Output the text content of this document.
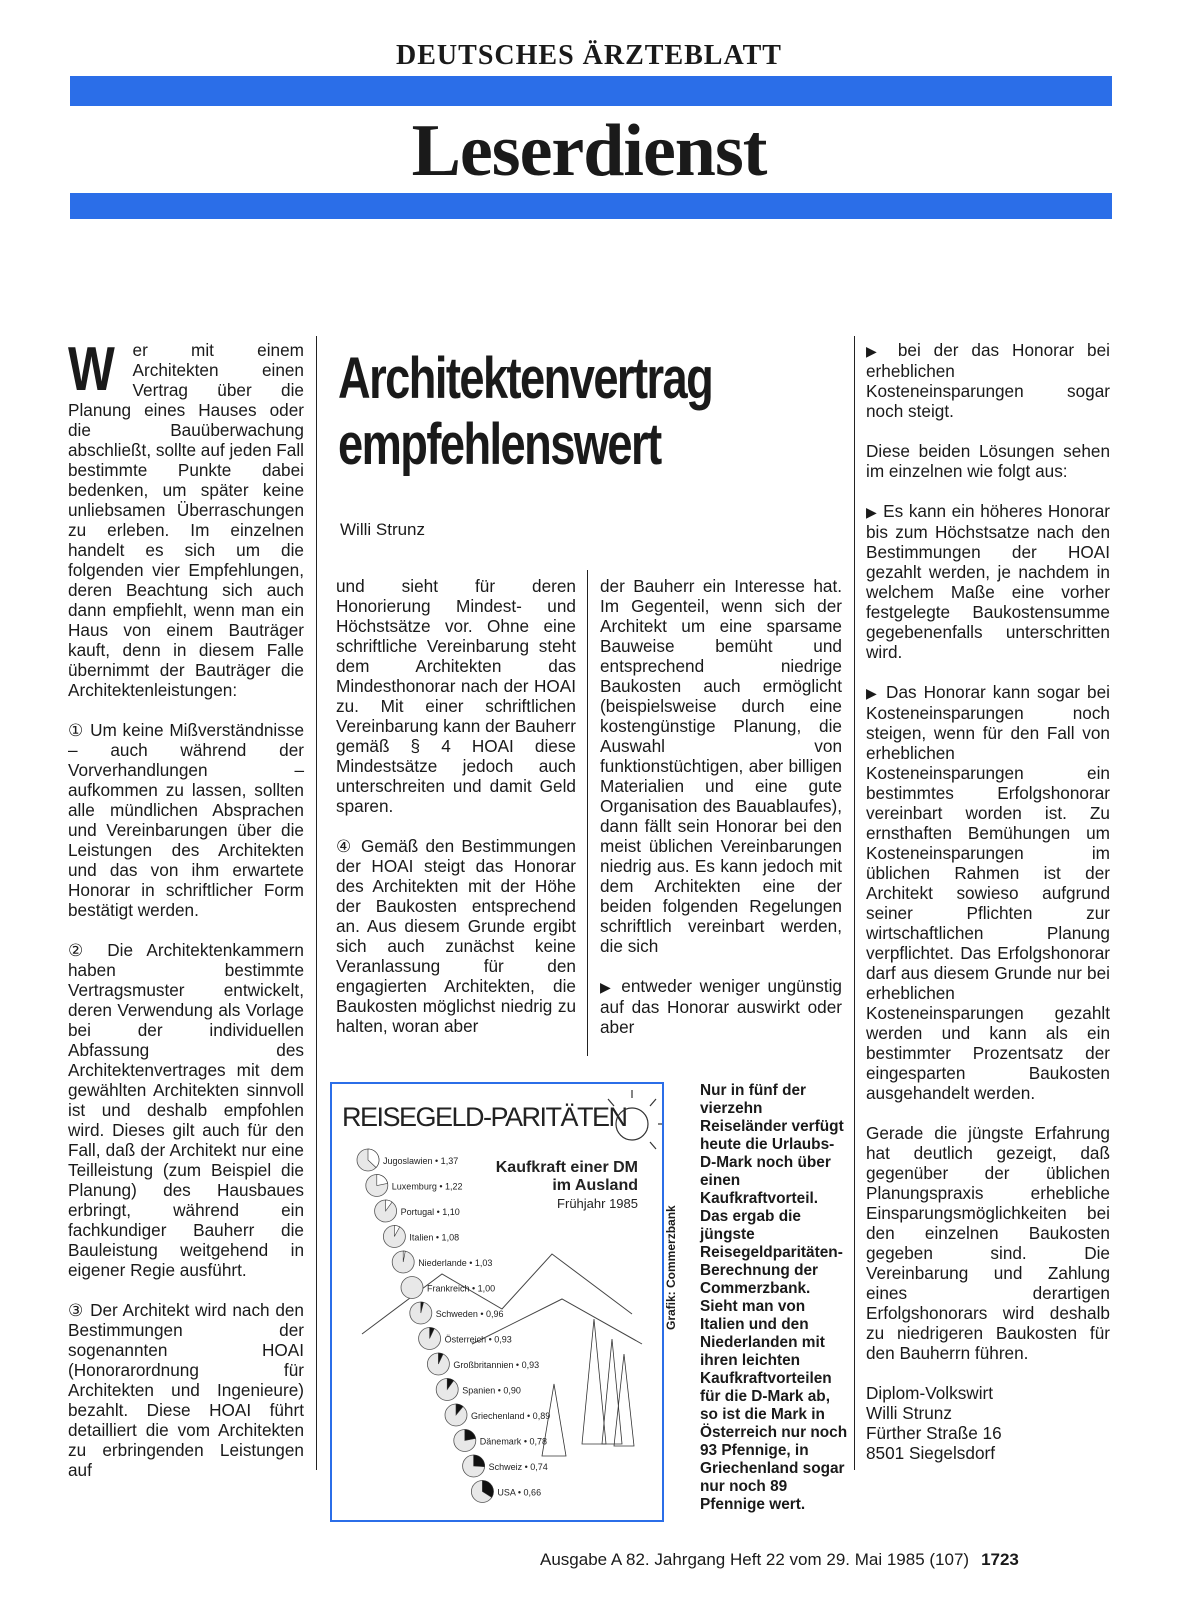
DEUTSCHES ÄRZTEBLATT
Leserdienst

W er mit einem Architekten einen Vertrag über die Planung eines Hauses oder die Bauüberwachung abschließt, sollte auf jeden Fall bestimmte Punkte dabei bedenken, um später keine unliebsamen Überraschungen zu erleben. Im einzelnen handelt es sich um die folgenden vier Empfehlungen, deren Beachtung sich auch dann empfiehlt, wenn man ein Haus von einem Bauträger kauft, denn in diesem Falle übernimmt der Bauträger die Architektenleistungen:

① Um keine Mißverständnisse – auch während der Vorverhandlungen – aufkommen zu lassen, sollten alle mündlichen Absprachen und Vereinbarungen über die Leistungen des Architekten und das von ihm erwartete Honorar in schriftlicher Form bestätigt werden.

② Die Architektenkammern haben bestimmte Vertragsmuster entwickelt, deren Verwendung als Vorlage bei der individuellen Abfassung des Architektenvertrages mit dem gewählten Architekten sinnvoll ist und deshalb empfohlen wird. Dieses gilt auch für den Fall, daß der Architekt nur eine Teilleistung (zum Beispiel die Planung) des Hausbaues erbringt, während ein fachkundiger Bauherr die Bauleistung weitgehend in eigener Regie ausführt.

③ Der Architekt wird nach den Bestimmungen der sogenannten HOAI (Honorarordnung für Architekten und Ingenieure) bezahlt. Diese HOAI führt detailliert die vom Architekten zu erbringenden Leistungen auf

Architektenvertrag
empfehlenswert
Willi Strunz

und sieht für deren Honorierung Mindest- und Höchstsätze vor. Ohne eine schriftliche Vereinbarung steht dem Architekten das Mindesthonorar nach der HOAI zu. Mit einer schriftlichen Vereinbarung kann der Bauherr gemäß § 4 HOAI diese Mindestsätze jedoch auch unterschreiten und damit Geld sparen.

④ Gemäß den Bestimmungen der HOAI steigt das Honorar des Architekten mit der Höhe der Baukosten entsprechend an. Aus diesem Grunde ergibt sich auch zunächst keine Veranlassung für den engagierten Architekten, die Baukosten möglichst niedrig zu halten, woran aber

der Bauherr ein Interesse hat. Im Gegenteil, wenn sich der Architekt um eine sparsame Bauweise bemüht und entsprechend niedrige Baukosten auch ermöglicht (beispielsweise durch eine kostengünstige Planung, die Auswahl von funktionstüchtigen, aber billigen Materialien und eine gute Organisation des Bauablaufes), dann fällt sein Honorar bei den meist üblichen Vereinbarungen niedrig aus. Es kann jedoch mit dem Architekten eine der beiden folgenden Regelungen schriftlich vereinbart werden, die sich

▶ entweder weniger ungünstig auf das Honorar auswirkt oder aber

▶ bei der das Honorar bei erheblichen Kosteneinsparungen sogar noch steigt.

Diese beiden Lösungen sehen im einzelnen wie folgt aus:

▶ Es kann ein höheres Honorar bis zum Höchstsatze nach den Bestimmungen der HOAI gezahlt werden, je nachdem in welchem Maße eine vorher festgelegte Baukostensumme gegebenenfalls unterschritten wird.

▶ Das Honorar kann sogar bei Kosteneinsparungen noch steigen, wenn für den Fall von erheblichen Kosteneinsparungen ein bestimmtes Erfolgshonorar vereinbart worden ist. Zu ernsthaften Bemühungen um Kosteneinsparungen im üblichen Rahmen ist der Architekt sowieso aufgrund seiner Pflichten zur wirtschaftlichen Planung verpflichtet. Das Erfolgshonorar darf aus diesem Grunde nur bei erheblichen Kosteneinsparungen gezahlt werden und kann als ein bestimmter Prozentsatz der eingesparten Baukosten ausgehandelt werden.

Gerade die jüngste Erfahrung hat deutlich gezeigt, daß gegenüber der üblichen Planungspraxis erhebliche Einsparungsmöglichkeiten bei den einzelnen Baukosten gegeben sind. Die Vereinbarung und Zahlung eines derartigen Erfolgshonorars wird deshalb zu niedrigeren Baukosten für den Bauherrn führen.

Diplom-Volkswirt
Willi Strunz
Fürther Straße 16
8501 Siegelsdorf
REISEGELD-PARITÄTEN
Kaufkraft einer DM
im Ausland
Frühjahr 1985
Jugoslawien • 1,37
Luxemburg • 1,22
Portugal • 1,10
Italien • 1,08
Niederlande • 1,03
Frankreich • 1,00
Schweden • 0,96
Österreich • 0,93
Großbritannien • 0,93
Spanien • 0,90
Griechenland • 0,89
Dänemark • 0,78
Schweiz • 0,74
USA • 0,66
Grafik: Commerzbank
Nur in fünf der vierzehn Reiseländer verfügt heute die Urlaubs-D-Mark noch über einen Kaufkraftvorteil. Das ergab die jüngste Reisegeldparitäten-Berechnung der Commerzbank. Sieht man von Italien und den Niederlanden mit ihren leichten Kaufkraftvorteilen für die D-Mark ab, so ist die Mark in Österreich nur noch 93 Pfennige, in Griechenland sogar nur noch 89 Pfennige wert.
Ausgabe A 82. Jahrgang Heft 22 vom 29. Mai 1985 (107) 1723
